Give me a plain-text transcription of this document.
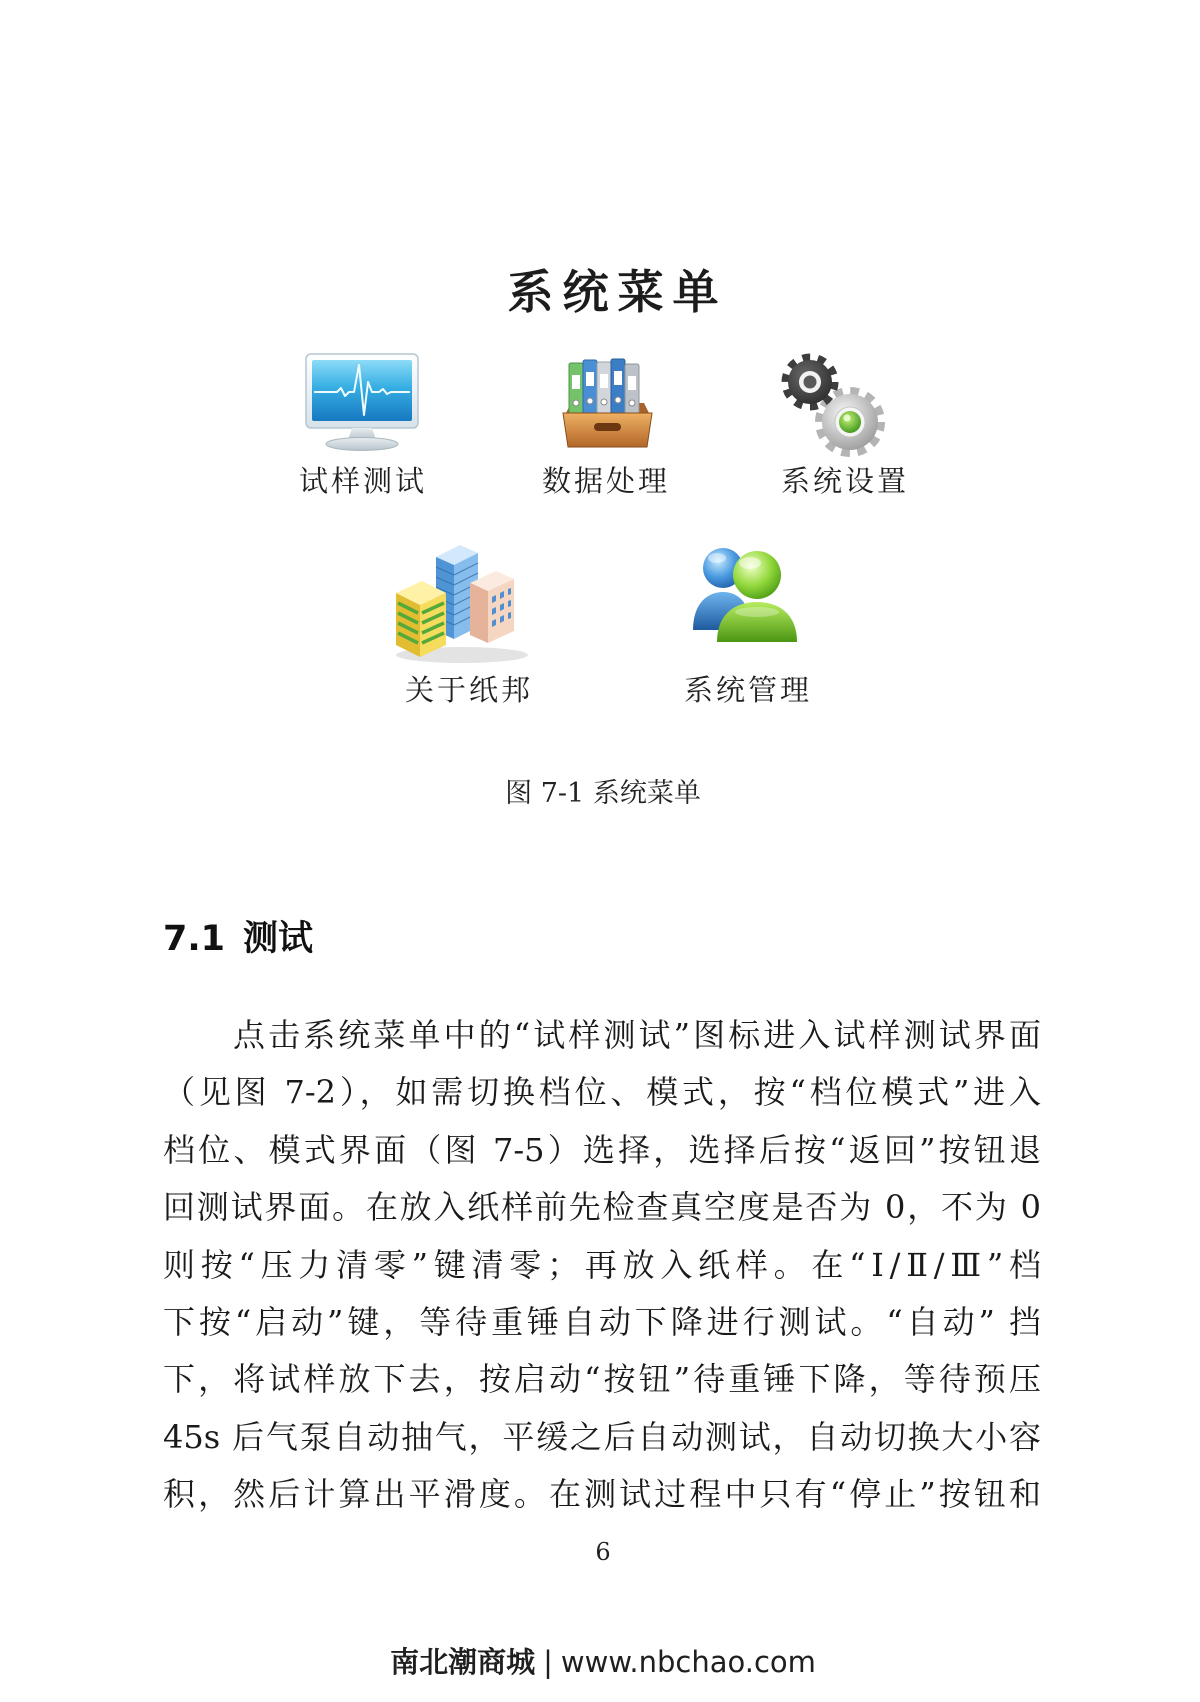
系统菜单
试样测试	数据处理	系统设置
关于纸邦	系统管理
图 7-1 系统菜单
7.1 测试
点击系统菜单中的“试样测试”图标进入试样测试界面
（见图 7-2），如需切换档位、模式，按“档位模式”进入
档位、模式界面（图 7-5）选择，选择后按“返回”按钮退
回测试界面。在放入纸样前先检查真空度是否为 0，不为 0
则按“压力清零”键清零；再放入纸样。在“Ⅰ/Ⅱ/Ⅲ”档
下按“启动”键，等待重锤自动下降进行测试。“自动” 挡
下，将试样放下去，按启动“按钮”待重锤下降，等待预压
45s 后气泵自动抽气，平缓之后自动测试，自动切换大小容
积，然后计算出平滑度。在测试过程中只有“停止”按钮和
6
南北潮商城 | www.nbchao.com
